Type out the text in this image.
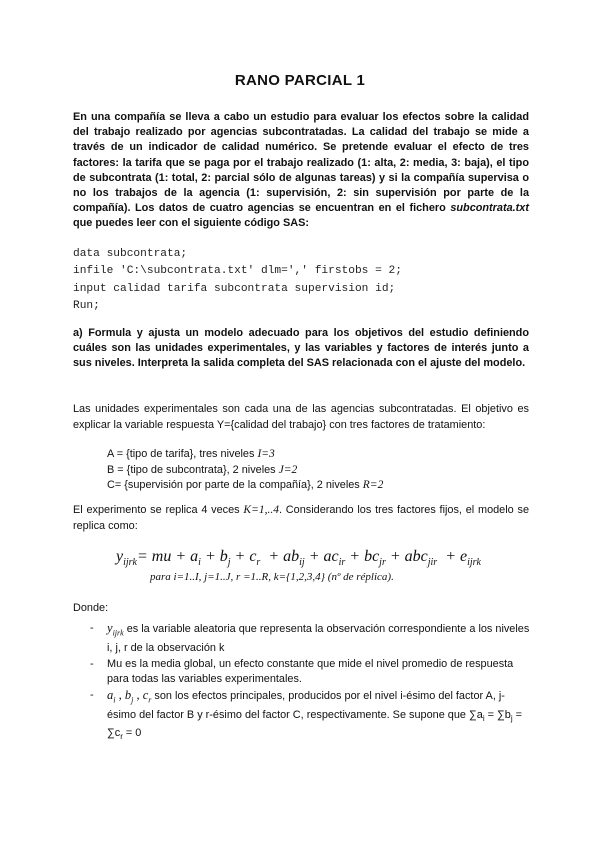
RANO PARCIAL 1
En una compañía se lleva a cabo un estudio para evaluar los efectos sobre la calidad del trabajo realizado por agencias subcontratadas. La calidad del trabajo se mide a través de un indicador de calidad numérico. Se pretende evaluar el efecto de tres factores: la tarifa que se paga por el trabajo realizado (1: alta, 2: media, 3: baja), el tipo de subcontrata (1: total, 2: parcial sólo de algunas tareas) y si la compañía supervisa o no los trabajos de la agencia (1: supervisión, 2: sin supervisión por parte de la compañía). Los datos de cuatro agencias se encuentran en el fichero subcontrata.txt que puedes leer con el siguiente código SAS:
data subcontrata;
infile 'C:\subcontrata.txt' dlm=',' firstobs = 2;
input calidad tarifa subcontrata supervision id;
Run;
a) Formula y ajusta un modelo adecuado para los objetivos del estudio definiendo cuáles son las unidades experimentales, y las variables y factores de interés junto a sus niveles. Interpreta la salida completa del SAS relacionada con el ajuste del modelo.
Las unidades experimentales son cada una de las agencias subcontratadas. El objetivo es explicar la variable respuesta Y={calidad del trabajo} con tres factores de tratamiento:
A = {tipo de tarifa}, tres niveles I=3
B = {tipo de subcontrata}, 2 niveles J=2
C= {supervisión por parte de la compañía}, 2 niveles R=2
El experimento se replica 4 veces K=1,..4. Considerando los tres factores fijos, el modelo se replica como:
$y_{ijrk}=$ mu + $a_i + b_j + c_r + ab_{ij} + ac_{ir} + bc_{jr} + abc_{jir} + e_{ijrk}$
para i=1..I, j=1..J, r =1..R, k={1,2,3,4} (nº de réplica).
Donde:
- $y_{ijrk}$ es la variable aleatoria que representa la observación correspondiente a los niveles i, j, r de la observación k
- Mu es la media global, un efecto constante que mide el nivel promedio de respuesta para todas las variables experimentales.
- $a_i$ , $b_j$ , $c_r$ son los efectos principales, producidos por el nivel i-ésimo del factor A, j-ésimo del factor B y r-ésimo del factor C, respectivamente. Se supone que $\sum a_i = \sum b_j = \sum c_r = 0$
